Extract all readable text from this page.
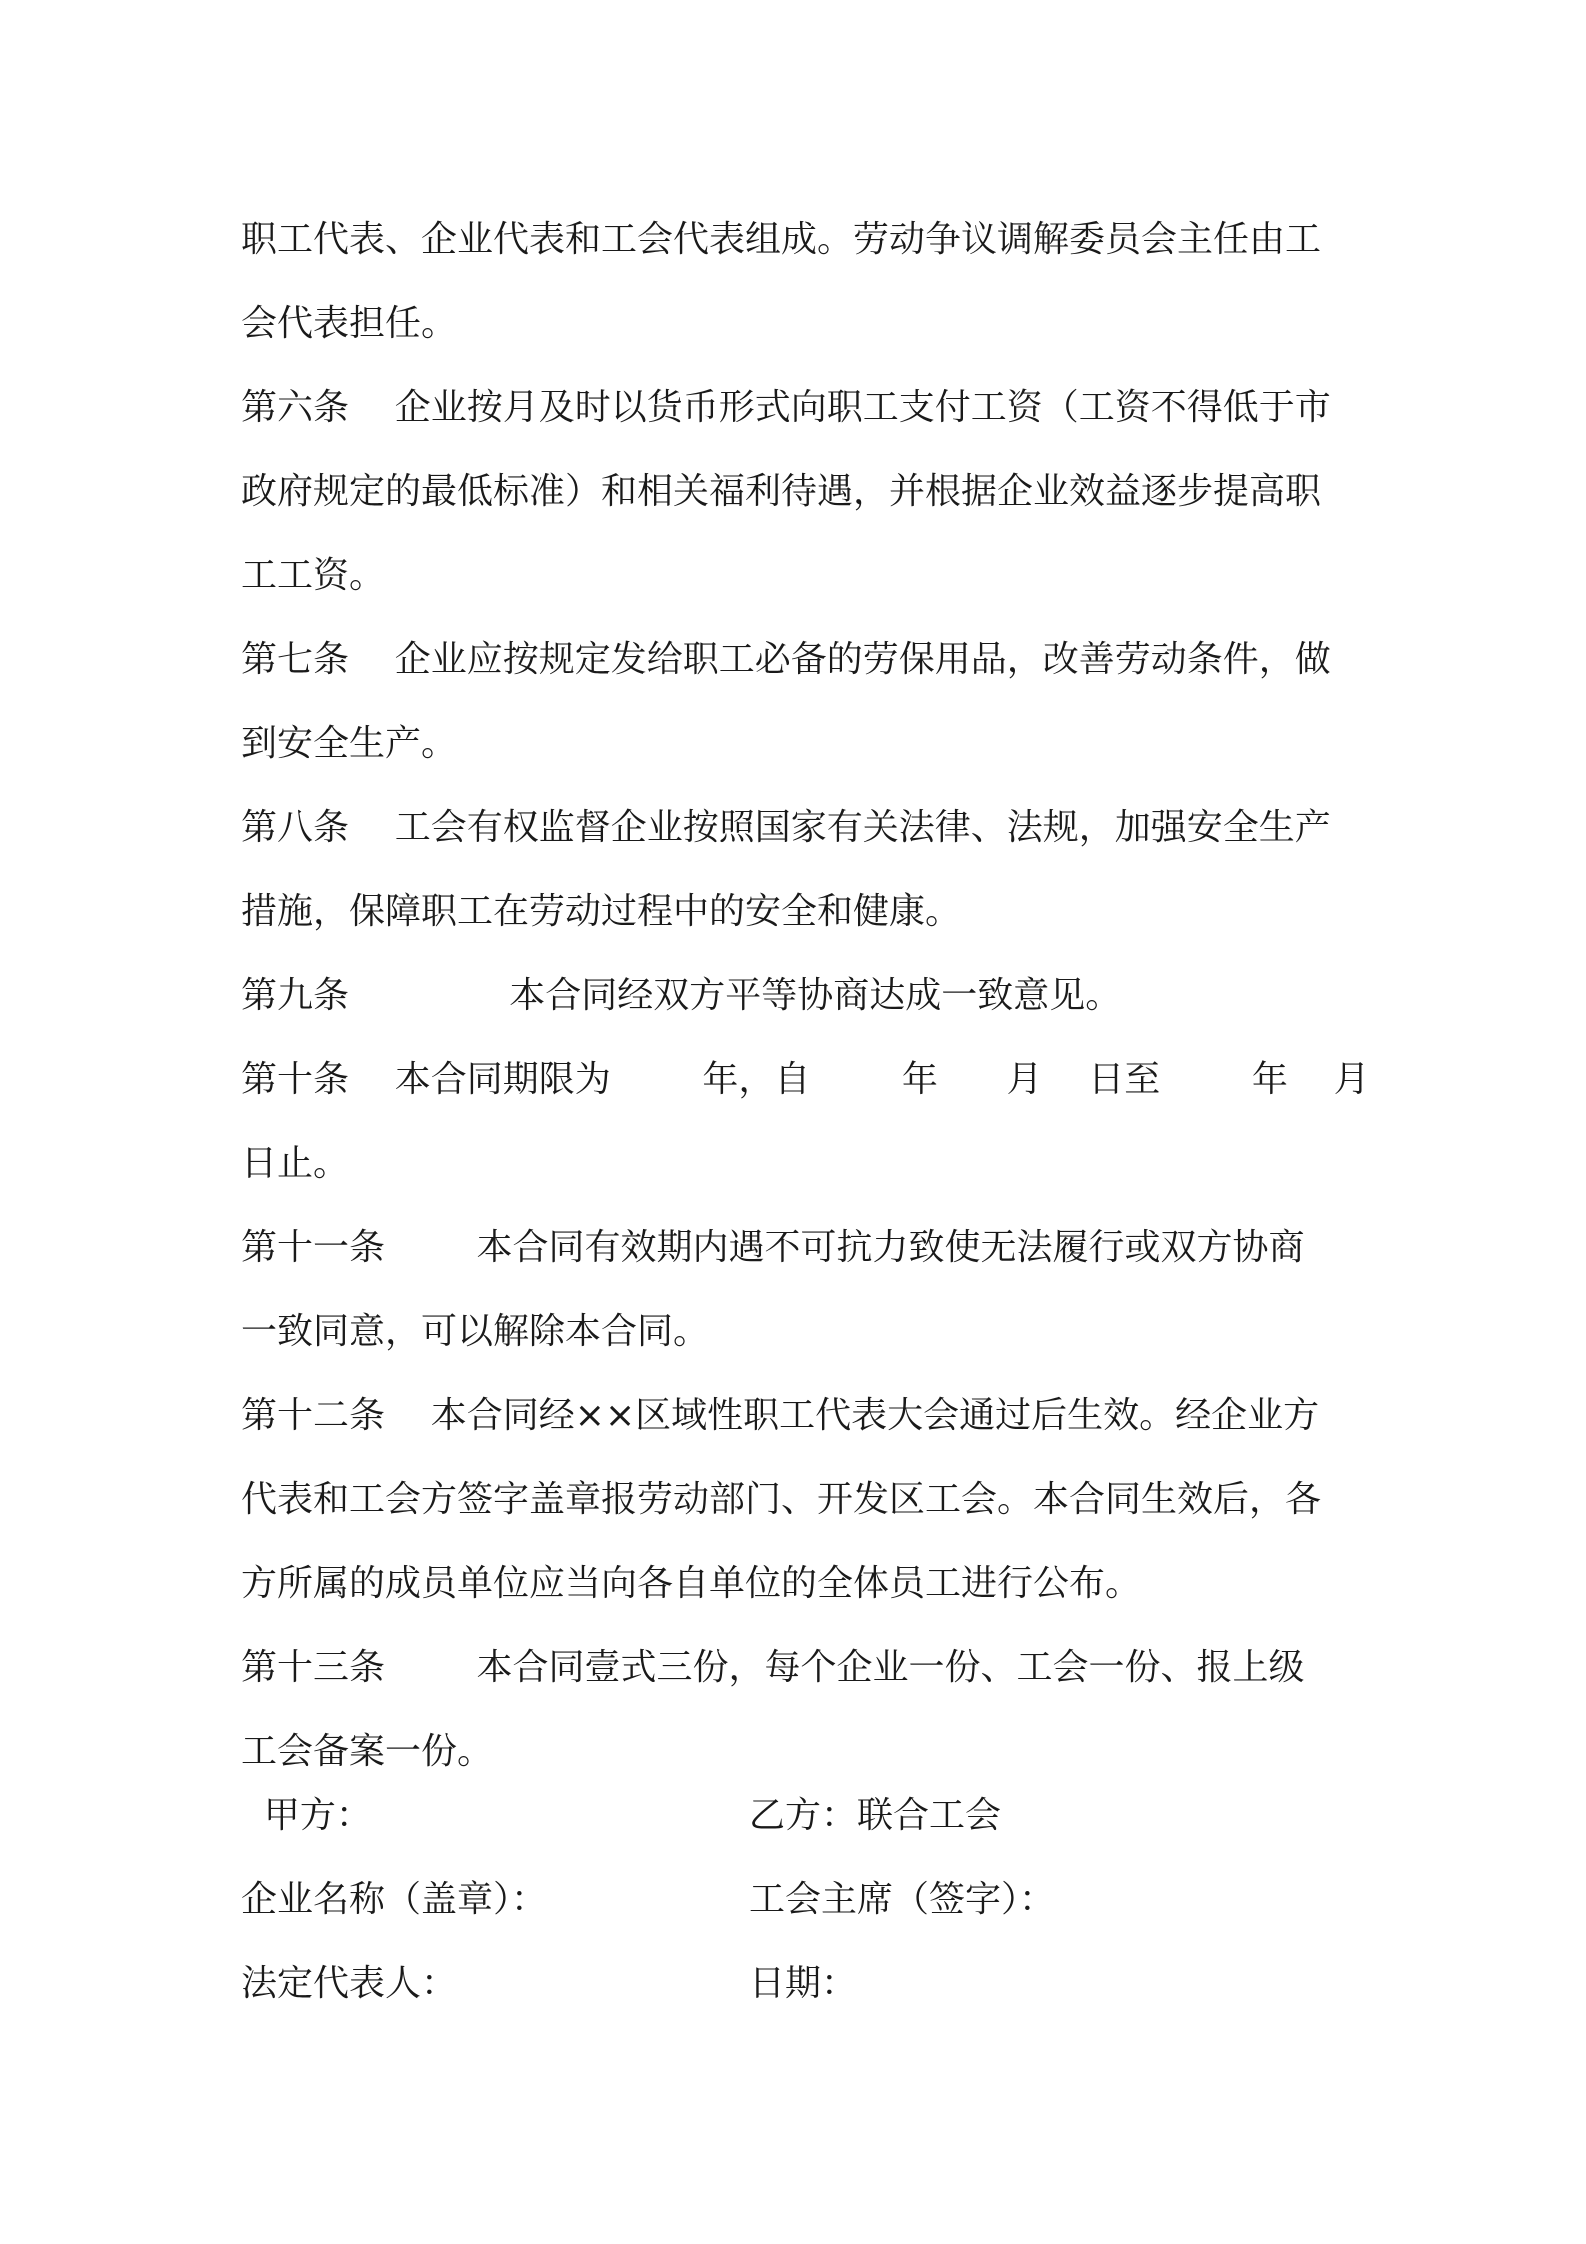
职工代表、企业代表和工会代表组成。劳动争议调解委员会主任由工
会代表担任。
第六条    企业按月及时以货币形式向职工支付工资（工资不得低于市
政府规定的最低标准）和相关福利待遇，并根据企业效益逐步提高职
工工资。
第七条    企业应按规定发给职工必备的劳保用品，改善劳动条件，做
到安全生产。
第八条    工会有权监督企业按照国家有关法律、法规，加强安全生产
措施，保障职工在劳动过程中的安全和健康。
第九条              本合同经双方平等协商达成一致意见。
第十条    本合同期限为        年，自        年      月    日至        年    月
日止。
第十一条        本合同有效期内遇不可抗力致使无法履行或双方协商
一致同意，可以解除本合同。
第十二条    本合同经××区域性职工代表大会通过后生效。经企业方
代表和工会方签字盖章报劳动部门、开发区工会。本合同生效后，各
方所属的成员单位应当向各自单位的全体员工进行公布。
第十三条        本合同壹式三份，每个企业一份、工会一份、报上级
工会备案一份。
甲方：	乙方：联合工会
企业名称（盖章）：	工会主席（签字）：
法定代表人：	日期：
